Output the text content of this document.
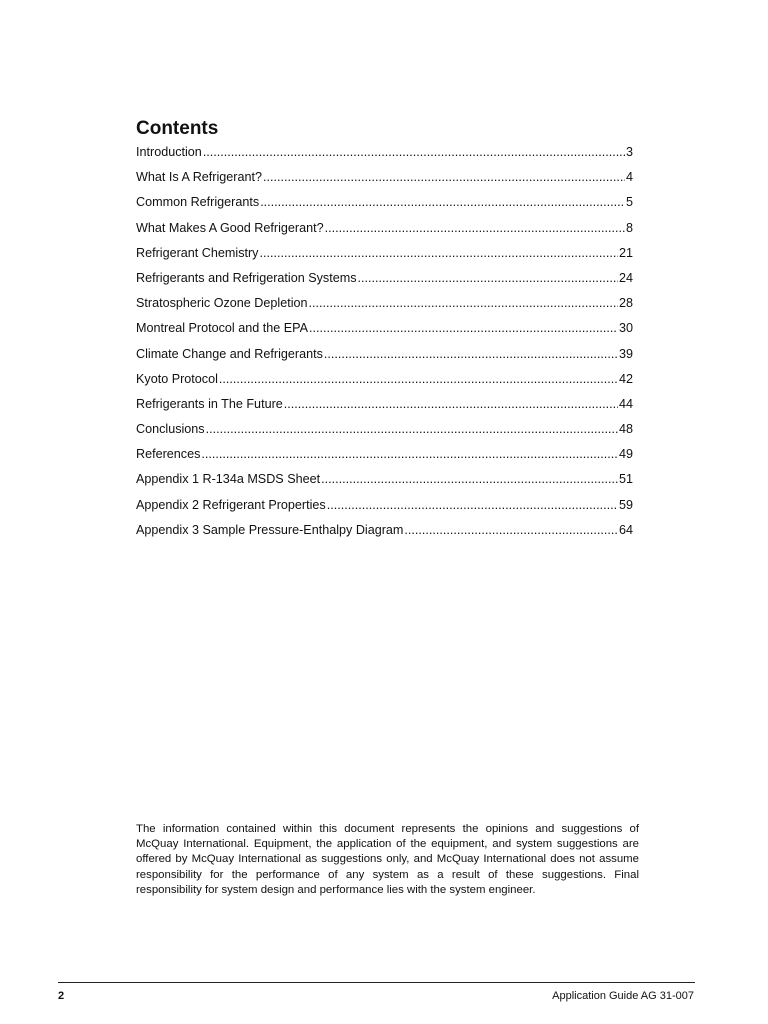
Contents
Introduction .....	3
What Is A Refrigerant? .....	4
Common Refrigerants .....	5
What Makes A Good Refrigerant? .....	8
Refrigerant Chemistry .....	21
Refrigerants and Refrigeration Systems .....	24
Stratospheric Ozone Depletion .....	28
Montreal Protocol and the EPA .....	30
Climate Change and Refrigerants .....	39
Kyoto Protocol .....	42
Refrigerants in The Future .....	44
Conclusions .....	48
References .....	49
Appendix 1 R-134a MSDS Sheet .....	51
Appendix 2 Refrigerant Properties .....	59
Appendix 3 Sample Pressure-Enthalpy Diagram .....	64

The information contained within this document represents the opinions and suggestions of McQuay International. Equipment, the application of the equipment, and system suggestions are offered by McQuay International as suggestions only, and McQuay International does not assume responsibility for the performance of any system as a result of these suggestions. Final responsibility for system design and performance lies with the system engineer.

2	Application Guide AG 31-007
